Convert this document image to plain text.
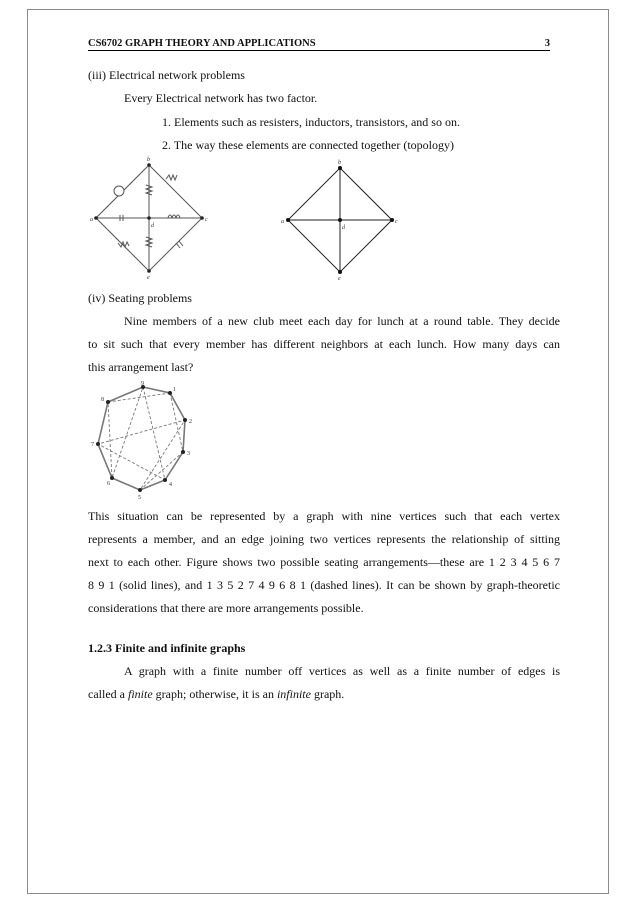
CS6702 GRAPH THEORY AND APPLICATIONS	3
(iii) Electrical network problems
Every Electrical network has two factor.
1. Elements such as resisters, inductors, transistors, and so on.
2. The way these elements are connected together (topology)
a
b
c
d
e
a
b
c
d
e
(iv) Seating problems
Nine members of a new club meet each day for lunch at a round table. They decide
to sit such that every member has different neighbors at each lunch. How many days can
this arrangement last?
9
1
2
3
4
5
6
7
8
This situation can be represented by a graph with nine vertices such that each vertex
represents a member, and an edge joining two vertices represents the relationship of sitting
next to each other. Figure shows two possible seating arrangements—these are 1 2 3 4 5 6 7
8 9 1 (solid lines), and 1 3 5 2 7 4 9 6 8 1 (dashed lines). It can be shown by graph-theoretic
considerations that there are more arrangements possible.
1.2.3 Finite and infinite graphs
A graph with a finite number off vertices as well as a finite number of edges is
called a finite graph; otherwise, it is an infinite graph.
